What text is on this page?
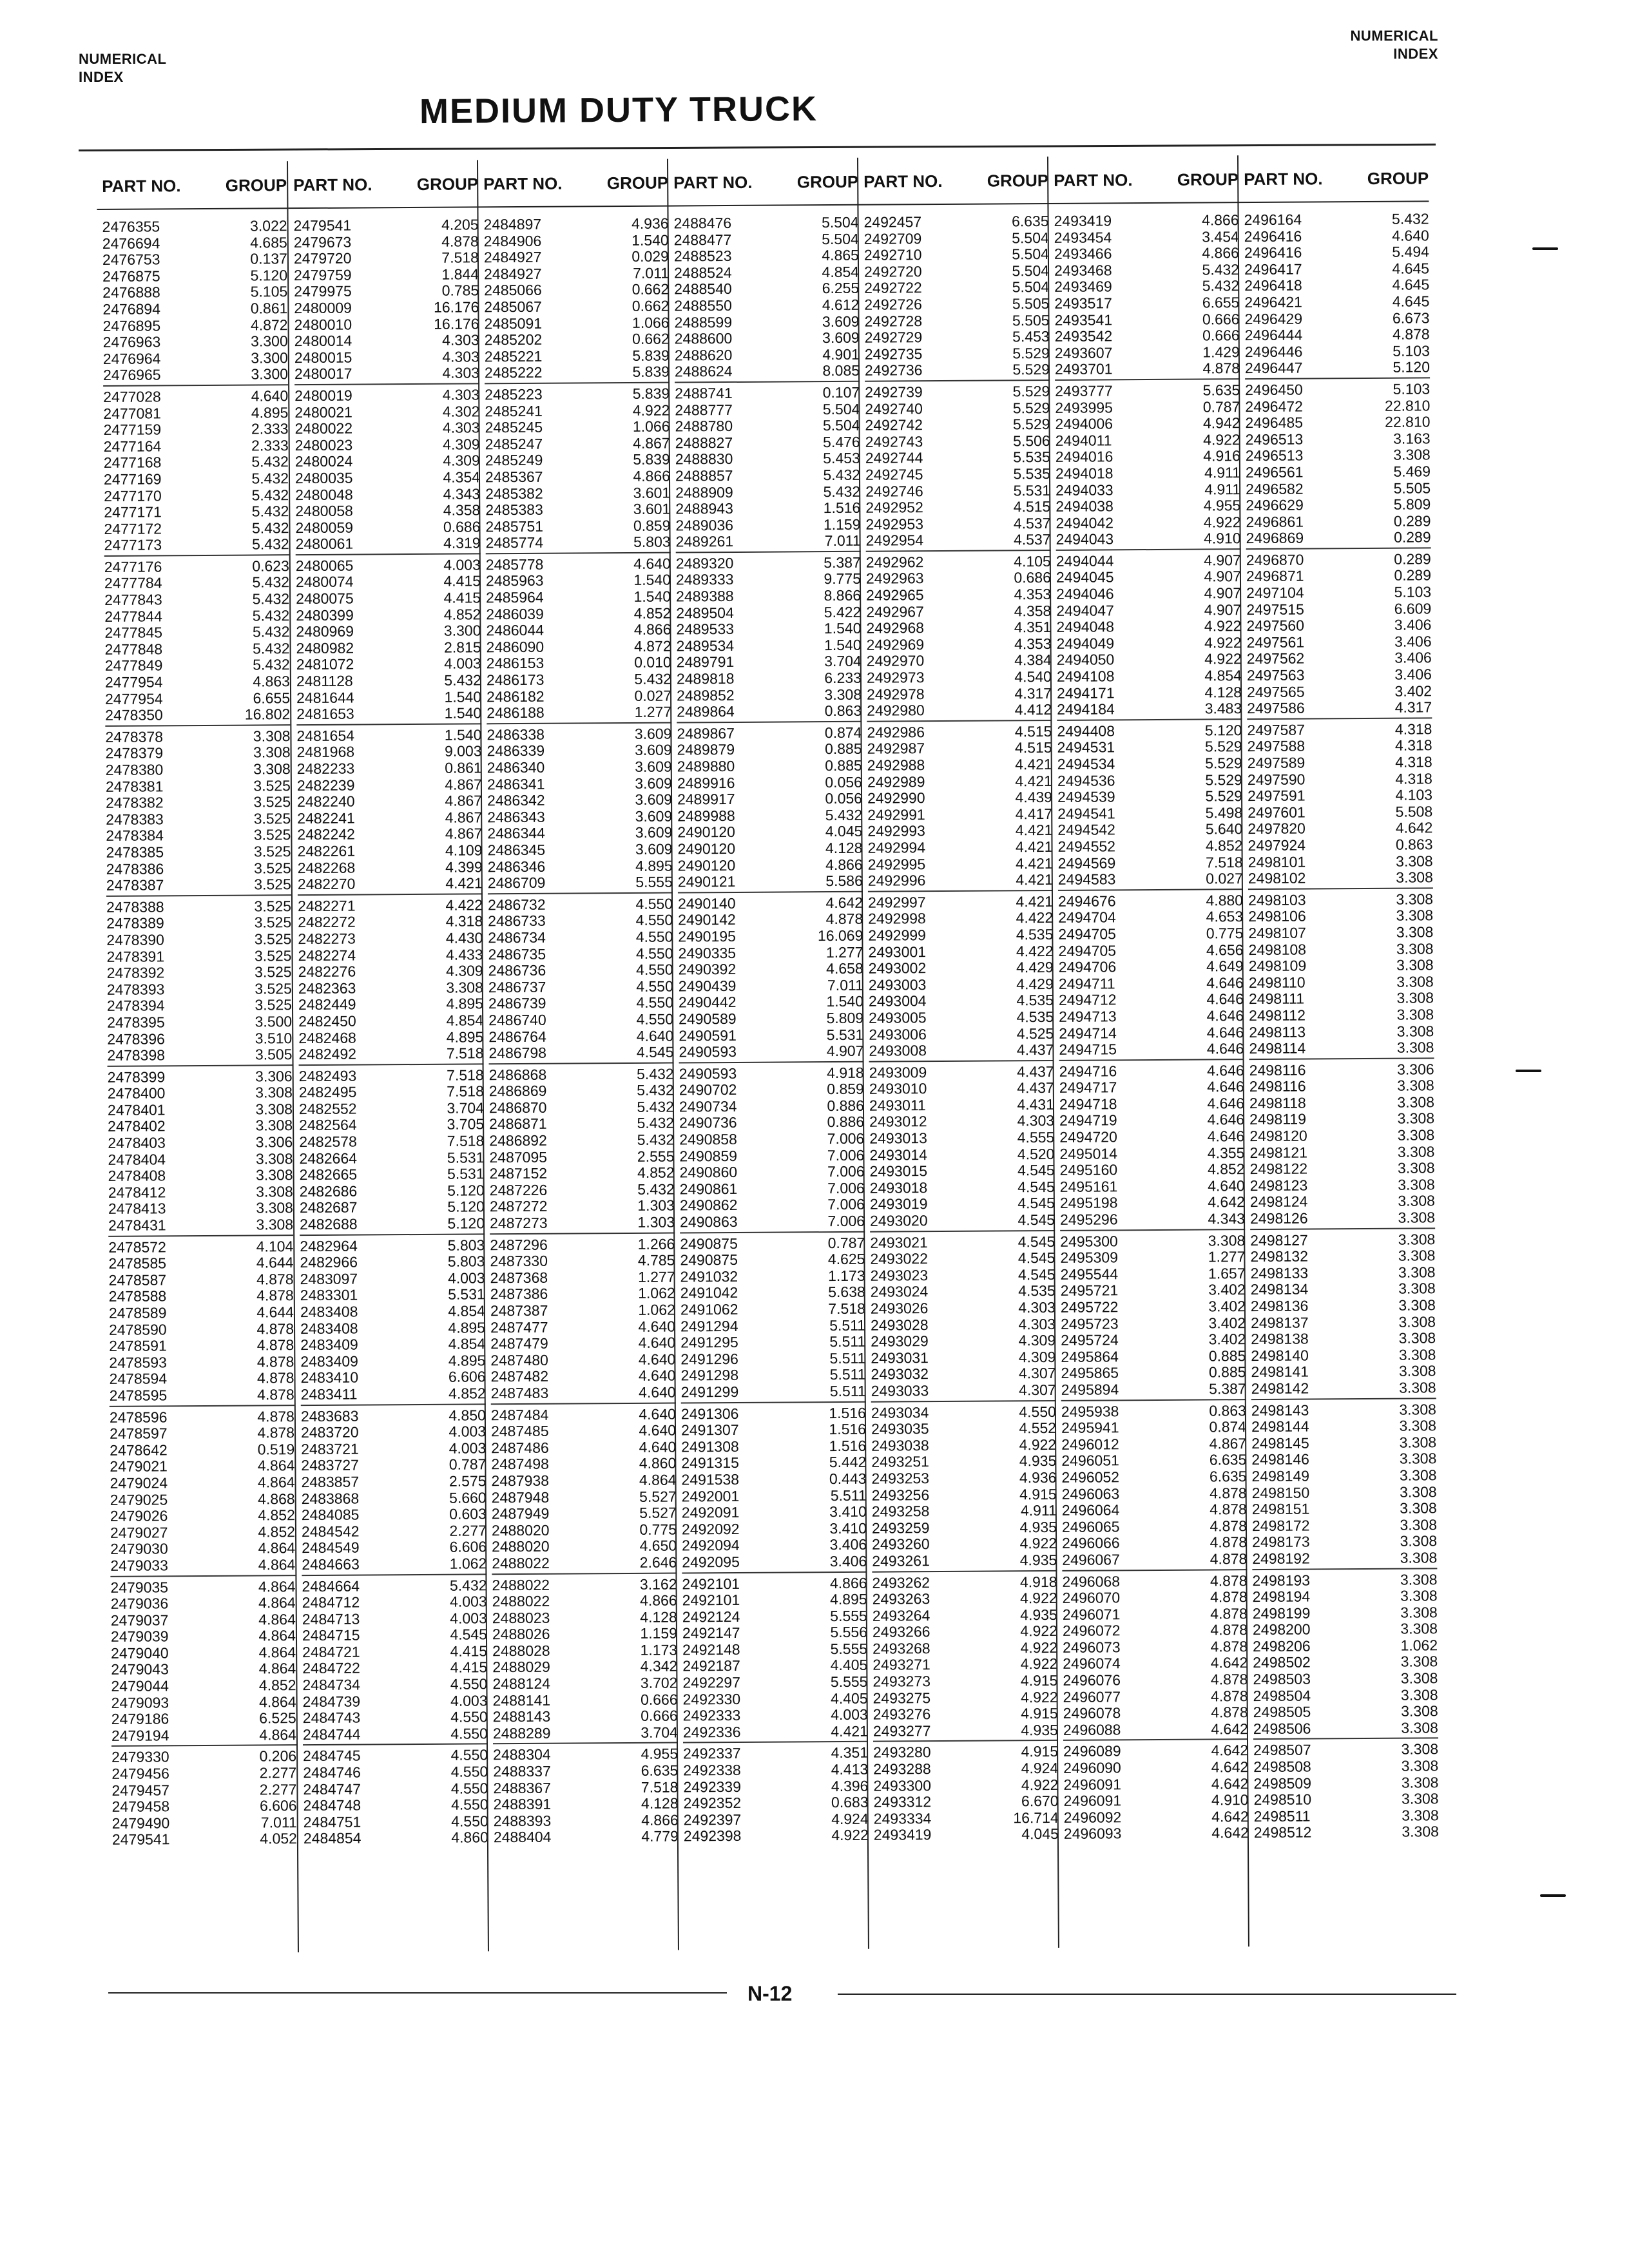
NUMERICAL
INDEX
NUMERICAL
INDEX
MEDIUM DUTY TRUCK
PART NO.	GROUP
2476355	3.022
2476694	4.685
2476753	0.137
2476875	5.120
2476888	5.105
2476894	0.861
2476895	4.872
2476963	3.300
2476964	3.300
2476965	3.300
2477028	4.640
2477081	4.895
2477159	2.333
2477164	2.333
2477168	5.432
2477169	5.432
2477170	5.432
2477171	5.432
2477172	5.432
2477173	5.432
2477176	0.623
2477784	5.432
2477843	5.432
2477844	5.432
2477845	5.432
2477848	5.432
2477849	5.432
2477954	4.863
2477954	6.655
2478350	16.802
2478378	3.308
2478379	3.308
2478380	3.308
2478381	3.525
2478382	3.525
2478383	3.525
2478384	3.525
2478385	3.525
2478386	3.525
2478387	3.525
2478388	3.525
2478389	3.525
2478390	3.525
2478391	3.525
2478392	3.525
2478393	3.525
2478394	3.525
2478395	3.500
2478396	3.510
2478398	3.505
2478399	3.306
2478400	3.308
2478401	3.308
2478402	3.308
2478403	3.306
2478404	3.308
2478408	3.308
2478412	3.308
2478413	3.308
2478431	3.308
2478572	4.104
2478585	4.644
2478587	4.878
2478588	4.878
2478589	4.644
2478590	4.878
2478591	4.878
2478593	4.878
2478594	4.878
2478595	4.878
2478596	4.878
2478597	4.878
2478642	0.519
2479021	4.864
2479024	4.864
2479025	4.868
2479026	4.852
2479027	4.852
2479030	4.864
2479033	4.864
2479035	4.864
2479036	4.864
2479037	4.864
2479039	4.864
2479040	4.864
2479043	4.864
2479044	4.852
2479093	4.864
2479186	6.525
2479194	4.864
2479330	0.206
2479456	2.277
2479457	2.277
2479458	6.606
2479490	7.011
2479541	4.052
PART NO.	GROUP
2479541	4.205
2479673	4.878
2479720	7.518
2479759	1.844
2479975	0.785
2480009	16.176
2480010	16.176
2480014	4.303
2480015	4.303
2480017	4.303
2480019	4.303
2480021	4.302
2480022	4.303
2480023	4.309
2480024	4.309
2480035	4.354
2480048	4.343
2480058	4.358
2480059	0.686
2480061	4.319
2480065	4.003
2480074	4.415
2480075	4.415
2480399	4.852
2480969	3.300
2480982	2.815
2481072	4.003
2481128	5.432
2481644	1.540
2481653	1.540
2481654	1.540
2481968	9.003
2482233	0.861
2482239	4.867
2482240	4.867
2482241	4.867
2482242	4.867
2482261	4.109
2482268	4.399
2482270	4.421
2482271	4.422
2482272	4.318
2482273	4.430
2482274	4.433
2482276	4.309
2482363	3.308
2482449	4.895
2482450	4.854
2482468	4.895
2482492	7.518
2482493	7.518
2482495	7.518
2482552	3.704
2482564	3.705
2482578	7.518
2482664	5.531
2482665	5.531
2482686	5.120
2482687	5.120
2482688	5.120
2482964	5.803
2482966	5.803
2483097	4.003
2483301	5.531
2483408	4.854
2483408	4.895
2483409	4.854
2483409	4.895
2483410	6.606
2483411	4.852
2483683	4.850
2483720	4.003
2483721	4.003
2483727	0.787
2483857	2.575
2483868	5.660
2484085	0.603
2484542	2.277
2484549	6.606
2484663	1.062
2484664	5.432
2484712	4.003
2484713	4.003
2484715	4.545
2484721	4.415
2484722	4.415
2484734	4.550
2484739	4.003
2484743	4.550
2484744	4.550
2484745	4.550
2484746	4.550
2484747	4.550
2484748	4.550
2484751	4.550
2484854	4.860
PART NO.	GROUP
2484897	4.936
2484906	1.540
2484927	0.029
2484927	7.011
2485066	0.662
2485067	0.662
2485091	1.066
2485202	0.662
2485221	5.839
2485222	5.839
2485223	5.839
2485241	4.922
2485245	1.066
2485247	4.867
2485249	5.839
2485367	4.866
2485382	3.601
2485383	3.601
2485751	0.859
2485774	5.803
2485778	4.640
2485963	1.540
2485964	1.540
2486039	4.852
2486044	4.866
2486090	4.872
2486153	0.010
2486173	5.432
2486182	0.027
2486188	1.277
2486338	3.609
2486339	3.609
2486340	3.609
2486341	3.609
2486342	3.609
2486343	3.609
2486344	3.609
2486345	3.609
2486346	4.895
2486709	5.555
2486732	4.550
2486733	4.550
2486734	4.550
2486735	4.550
2486736	4.550
2486737	4.550
2486739	4.550
2486740	4.550
2486764	4.640
2486798	4.545
2486868	5.432
2486869	5.432
2486870	5.432
2486871	5.432
2486892	5.432
2487095	2.555
2487152	4.852
2487226	5.432
2487272	1.303
2487273	1.303
2487296	1.266
2487330	4.785
2487368	1.277
2487386	1.062
2487387	1.062
2487477	4.640
2487479	4.640
2487480	4.640
2487482	4.640
2487483	4.640
2487484	4.640
2487485	4.640
2487486	4.640
2487498	4.860
2487938	4.864
2487948	5.527
2487949	5.527
2488020	0.775
2488020	4.650
2488022	2.646
2488022	3.162
2488022	4.866
2488023	4.128
2488026	1.159
2488028	1.173
2488029	4.342
2488124	3.702
2488141	0.666
2488143	0.666
2488289	3.704
2488304	4.955
2488337	6.635
2488367	7.518
2488391	4.128
2488393	4.866
2488404	4.779
PART NO.	GROUP
2488476	5.504
2488477	5.504
2488523	4.865
2488524	4.854
2488540	6.255
2488550	4.612
2488599	3.609
2488600	3.609
2488620	4.901
2488624	8.085
2488741	0.107
2488777	5.504
2488780	5.504
2488827	5.476
2488830	5.453
2488857	5.432
2488909	5.432
2488943	1.516
2489036	1.159
2489261	7.011
2489320	5.387
2489333	9.775
2489388	8.866
2489504	5.422
2489533	1.540
2489534	1.540
2489791	3.704
2489818	6.233
2489852	3.308
2489864	0.863
2489867	0.874
2489879	0.885
2489880	0.885
2489916	0.056
2489917	0.056
2489988	5.432
2490120	4.045
2490120	4.128
2490120	4.866
2490121	5.586
2490140	4.642
2490142	4.878
2490195	16.069
2490335	1.277
2490392	4.658
2490439	7.011
2490442	1.540
2490589	5.809
2490591	5.531
2490593	4.907
2490593	4.918
2490702	0.859
2490734	0.886
2490736	0.886
2490858	7.006
2490859	7.006
2490860	7.006
2490861	7.006
2490862	7.006
2490863	7.006
2490875	0.787
2490875	4.625
2491032	1.173
2491042	5.638
2491062	7.518
2491294	5.511
2491295	5.511
2491296	5.511
2491298	5.511
2491299	5.511
2491306	1.516
2491307	1.516
2491308	1.516
2491315	5.442
2491538	0.443
2492001	5.511
2492091	3.410
2492092	3.410
2492094	3.406
2492095	3.406
2492101	4.866
2492101	4.895
2492124	5.555
2492147	5.556
2492148	5.555
2492187	4.405
2492297	5.555
2492330	4.405
2492333	4.003
2492336	4.421
2492337	4.351
2492338	4.413
2492339	4.396
2492352	0.683
2492397	4.924
2492398	4.922
PART NO.	GROUP
2492457	6.635
2492709	5.504
2492710	5.504
2492720	5.504
2492722	5.504
2492726	5.505
2492728	5.505
2492729	5.453
2492735	5.529
2492736	5.529
2492739	5.529
2492740	5.529
2492742	5.529
2492743	5.506
2492744	5.535
2492745	5.535
2492746	5.531
2492952	4.515
2492953	4.537
2492954	4.537
2492962	4.105
2492963	0.686
2492965	4.353
2492967	4.358
2492968	4.351
2492969	4.353
2492970	4.384
2492973	4.540
2492978	4.317
2492980	4.412
2492986	4.515
2492987	4.515
2492988	4.421
2492989	4.421
2492990	4.439
2492991	4.417
2492993	4.421
2492994	4.421
2492995	4.421
2492996	4.421
2492997	4.421
2492998	4.422
2492999	4.535
2493001	4.422
2493002	4.429
2493003	4.429
2493004	4.535
2493005	4.535
2493006	4.525
2493008	4.437
2493009	4.437
2493010	4.437
2493011	4.431
2493012	4.303
2493013	4.555
2493014	4.520
2493015	4.545
2493018	4.545
2493019	4.545
2493020	4.545
2493021	4.545
2493022	4.545
2493023	4.545
2493024	4.535
2493026	4.303
2493028	4.303
2493029	4.309
2493031	4.309
2493032	4.307
2493033	4.307
2493034	4.550
2493035	4.552
2493038	4.922
2493251	4.935
2493253	4.936
2493256	4.915
2493258	4.911
2493259	4.935
2493260	4.922
2493261	4.935
2493262	4.918
2493263	4.922
2493264	4.935
2493266	4.922
2493268	4.922
2493271	4.922
2493273	4.915
2493275	4.922
2493276	4.915
2493277	4.935
2493280	4.915
2493288	4.924
2493300	4.922
2493312	6.670
2493334	16.714
2493419	4.045
PART NO.	GROUP
2493419	4.866
2493454	3.454
2493466	4.866
2493468	5.432
2493469	5.432
2493517	6.655
2493541	0.666
2493542	0.666
2493607	1.429
2493701	4.878
2493777	5.635
2493995	0.787
2494006	4.942
2494011	4.922
2494016	4.916
2494018	4.911
2494033	4.911
2494038	4.955
2494042	4.922
2494043	4.910
2494044	4.907
2494045	4.907
2494046	4.907
2494047	4.907
2494048	4.922
2494049	4.922
2494050	4.922
2494108	4.854
2494171	4.128
2494184	3.483
2494408	5.120
2494531	5.529
2494534	5.529
2494536	5.529
2494539	5.529
2494541	5.498
2494542	5.640
2494552	4.852
2494569	7.518
2494583	0.027
2494676	4.880
2494704	4.653
2494705	0.775
2494705	4.656
2494706	4.649
2494711	4.646
2494712	4.646
2494713	4.646
2494714	4.646
2494715	4.646
2494716	4.646
2494717	4.646
2494718	4.646
2494719	4.646
2494720	4.646
2495014	4.355
2495160	4.852
2495161	4.640
2495198	4.642
2495296	4.343
2495300	3.308
2495309	1.277
2495544	1.657
2495721	3.402
2495722	3.402
2495723	3.402
2495724	3.402
2495864	0.885
2495865	0.885
2495894	5.387
2495938	0.863
2495941	0.874
2496012	4.867
2496051	6.635
2496052	6.635
2496063	4.878
2496064	4.878
2496065	4.878
2496066	4.878
2496067	4.878
2496068	4.878
2496070	4.878
2496071	4.878
2496072	4.878
2496073	4.878
2496074	4.642
2496076	4.878
2496077	4.878
2496078	4.878
2496088	4.642
2496089	4.642
2496090	4.642
2496091	4.642
2496091	4.910
2496092	4.642
2496093	4.642
PART NO.	GROUP
2496164	5.432
2496416	4.640
2496416	5.494
2496417	4.645
2496418	4.645
2496421	4.645
2496429	6.673
2496444	4.878
2496446	5.103
2496447	5.120
2496450	5.103
2496472	22.810
2496485	22.810
2496513	3.163
2496513	3.308
2496561	5.469
2496582	5.505
2496629	5.809
2496861	0.289
2496869	0.289
2496870	0.289
2496871	0.289
2497104	5.103
2497515	6.609
2497560	3.406
2497561	3.406
2497562	3.406
2497563	3.406
2497565	3.402
2497586	4.317
2497587	4.318
2497588	4.318
2497589	4.318
2497590	4.318
2497591	4.103
2497601	5.508
2497820	4.642
2497924	0.863
2498101	3.308
2498102	3.308
2498103	3.308
2498106	3.308
2498107	3.308
2498108	3.308
2498109	3.308
2498110	3.308
2498111	3.308
2498112	3.308
2498113	3.308
2498114	3.308
2498116	3.306
2498116	3.308
2498118	3.308
2498119	3.308
2498120	3.308
2498121	3.308
2498122	3.308
2498123	3.308
2498124	3.308
2498126	3.308
2498127	3.308
2498132	3.308
2498133	3.308
2498134	3.308
2498136	3.308
2498137	3.308
2498138	3.308
2498140	3.308
2498141	3.308
2498142	3.308
2498143	3.308
2498144	3.308
2498145	3.308
2498146	3.308
2498149	3.308
2498150	3.308
2498151	3.308
2498172	3.308
2498173	3.308
2498192	3.308
2498193	3.308
2498194	3.308
2498199	3.308
2498200	3.308
2498206	1.062
2498502	3.308
2498503	3.308
2498504	3.308
2498505	3.308
2498506	3.308
2498507	3.308
2498508	3.308
2498509	3.308
2498510	3.308
2498511	3.308
2498512	3.308
N-12
